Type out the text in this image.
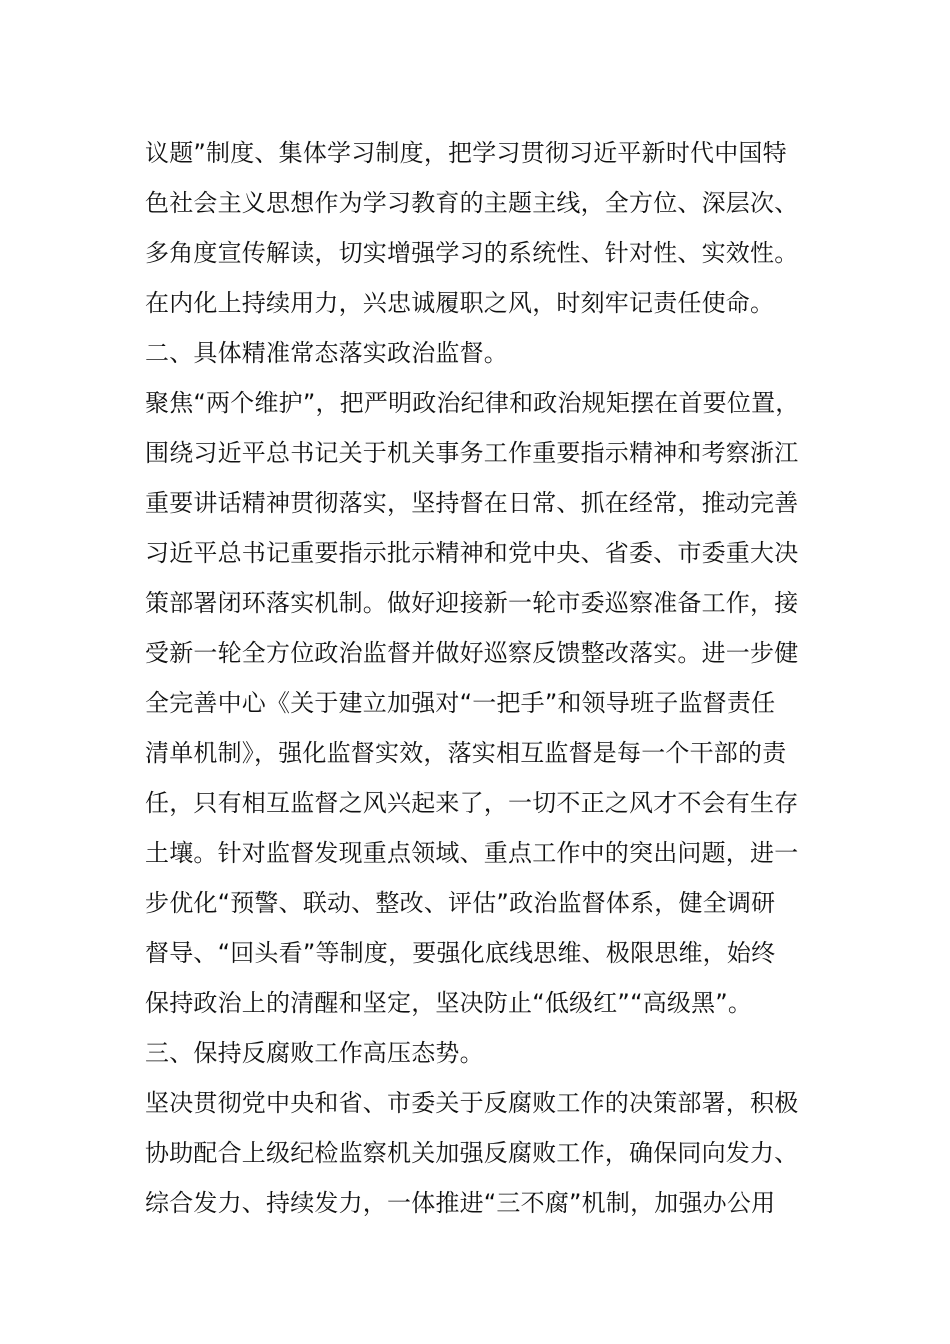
议题”制度、集体学习制度，把学习贯彻习近平新时代中国特
色社会主义思想作为学习教育的主题主线，全方位、深层次、
多角度宣传解读，切实增强学习的系统性、针对性、实效性。
在内化上持续用力，兴忠诚履职之风，时刻牢记责任使命。
二、具体精准常态落实政治监督。
聚焦“两个维护”，把严明政治纪律和政治规矩摆在首要位置，
围绕习近平总书记关于机关事务工作重要指示精神和考察浙江
重要讲话精神贯彻落实，坚持督在日常、抓在经常，推动完善
习近平总书记重要指示批示精神和党中央、省委、市委重大决
策部署闭环落实机制。做好迎接新一轮市委巡察准备工作，接
受新一轮全方位政治监督并做好巡察反馈整改落实。进一步健
全完善中心《关于建立加强对“一把手”和领导班子监督责任
清单机制》，强化监督实效，落实相互监督是每一个干部的责
任，只有相互监督之风兴起来了，一切不正之风才不会有生存
土壤。针对监督发现重点领域、重点工作中的突出问题，进一
步优化“预警、联动、整改、评估”政治监督体系，健全调研
督导、“回头看”等制度，要强化底线思维、极限思维，始终
保持政治上的清醒和坚定，坚决防止“低级红”“高级黑”。
三、保持反腐败工作高压态势。
坚决贯彻党中央和省、市委关于反腐败工作的决策部署，积极
协助配合上级纪检监察机关加强反腐败工作，确保同向发力、
综合发力、持续发力，一体推进“三不腐”机制，加强办公用
